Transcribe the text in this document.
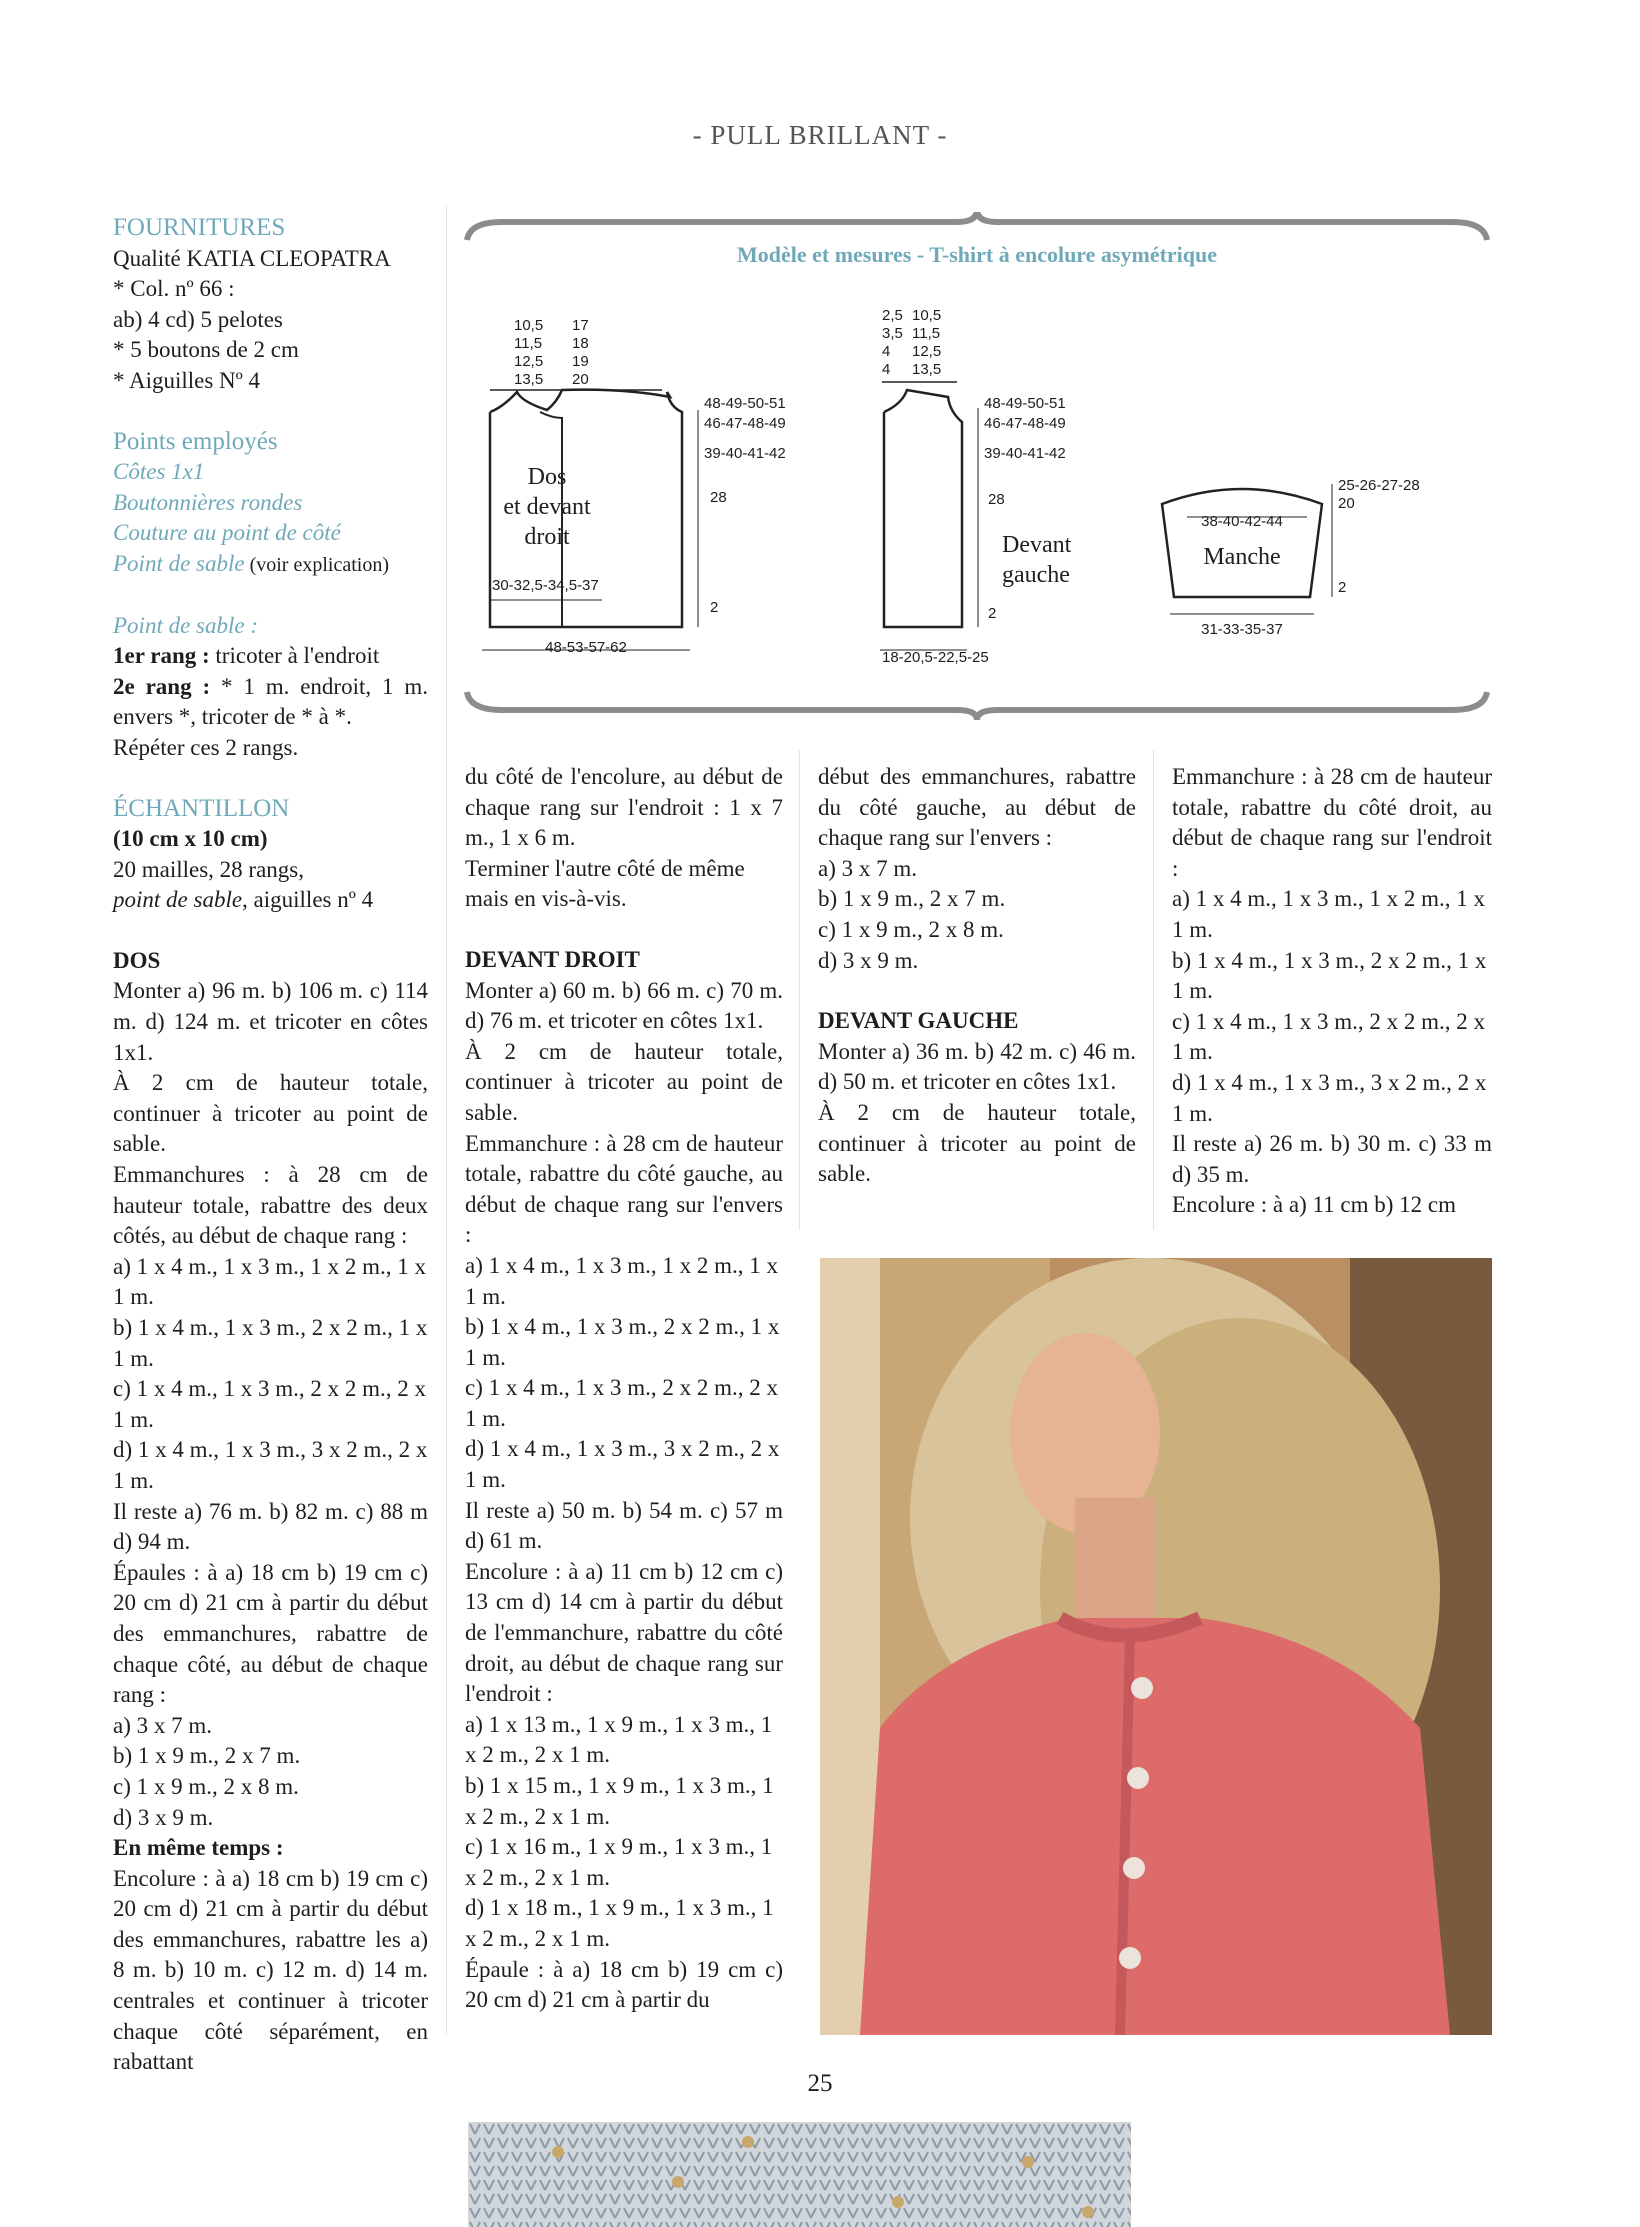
- PULL BRILLANT -

FOURNITURES

Qualité KATIA CLEOPATRA

* Col. nº 66 :

ab) 4 cd) 5 pelotes

* 5 boutons de 2 cm

* Aiguilles Nº 4

Points employés

Côtes 1x1

Boutonnières rondes

Couture au point de côté

Point de sable (voir explication)

Point de sable :

1er rang : tricoter à l'endroit

2e rang : * 1 m. endroit, 1 m. envers *, tricoter de * à *.

Répéter ces 2 rangs.

ÉCHANTILLON

(10 cm x 10 cm)

20 mailles, 28 rangs,

point de sable, aiguilles nº 4

DOS

Monter a) 96 m. b) 106 m. c) 114 m. d) 124 m. et tricoter en côtes 1x1.

À 2 cm de hauteur totale, continuer à tricoter au point de sable.

Emmanchures : à 28 cm de hauteur totale, rabattre des deux côtés, au début de chaque rang :

a) 1 x 4 m., 1 x 3 m., 1 x 2 m., 1 x 1 m.

b) 1 x 4 m., 1 x 3 m., 2 x 2 m., 1 x 1 m.

c) 1 x 4 m., 1 x 3 m., 2 x 2 m., 2 x 1 m.

d) 1 x 4 m., 1 x 3 m., 3 x 2 m., 2 x 1 m.

Il reste a) 76 m. b) 82 m. c) 88 m d) 94 m.

Épaules : à a) 18 cm b) 19 cm c) 20 cm d) 21 cm à partir du début des emmanchures, rabattre de chaque côté, au début de chaque rang :

a) 3 x 7 m.

b) 1 x 9 m., 2 x 7 m.

c) 1 x 9 m., 2 x 8 m.

d) 3 x 9 m.

En même temps :

Encolure : à a) 18 cm b) 19 cm c) 20 cm d) 21 cm à partir du début des emmanchures, rabattre les a) 8 m. b) 10 m. c) 12 m. d) 14 m. centrales et continuer à tricoter chaque côté séparément, en rabattant

Modèle et mesures - T-shirt à encolure asymétrique
10,5
11,5
12,5
13,5
17
18
19
20
Dos
et devant
droit
30-32,5-34,5-37
48-49-50-51
46-47-48-49
39-40-41-42
28
2
48-53-57-62
2,5
3,5
4
4
10,5
11,5
12,5
13,5
48-49-50-51
46-47-48-49
39-40-41-42
28
2
Devant
gauche
18-20,5-22,5-25
38-40-42-44
Manche
25-26-27-28
20
2
31-33-35-37

du côté de l'encolure, au début de chaque rang sur l'endroit : 1 x 7 m., 1 x 6 m.

Terminer l'autre côté de même mais en vis-à-vis.

DEVANT DROIT

Monter a) 60 m. b) 66 m. c) 70 m. d) 76 m. et tricoter en côtes 1x1.

À 2 cm de hauteur totale, continuer à tricoter au point de sable.

Emmanchure : à 28 cm de hauteur totale, rabattre du côté gauche, au début de chaque rang sur l'envers :

a) 1 x 4 m., 1 x 3 m., 1 x 2 m., 1 x 1 m.

b) 1 x 4 m., 1 x 3 m., 2 x 2 m., 1 x 1 m.

c) 1 x 4 m., 1 x 3 m., 2 x 2 m., 2 x 1 m.

d) 1 x 4 m., 1 x 3 m., 3 x 2 m., 2 x 1 m.

Il reste a) 50 m. b) 54 m. c) 57 m d) 61 m.

Encolure : à a) 11 cm b) 12 cm c) 13 cm d) 14 cm à partir du début de l'emmanchure, rabattre du côté droit, au début de chaque rang sur l'endroit :

a) 1 x 13 m., 1 x 9 m., 1 x 3 m., 1 x 2 m., 2 x 1 m.

b) 1 x 15 m., 1 x 9 m., 1 x 3 m., 1 x 2 m., 2 x 1 m.

c) 1 x 16 m., 1 x 9 m., 1 x 3 m., 1 x 2 m., 2 x 1 m.

d) 1 x 18 m., 1 x 9 m., 1 x 3 m., 1 x 2 m., 2 x 1 m.

Épaule : à a) 18 cm b) 19 cm c) 20 cm d) 21 cm à partir du

début des emmanchures, rabattre du côté gauche, au début de chaque rang sur l'envers :

a) 3 x 7 m.

b) 1 x 9 m., 2 x 7 m.

c) 1 x 9 m., 2 x 8 m.

d) 3 x 9 m.

DEVANT GAUCHE

Monter a) 36 m. b) 42 m. c) 46 m. d) 50 m. et tricoter en côtes 1x1.

À 2 cm de hauteur totale, continuer à tricoter au point de sable.

Emmanchure : à 28 cm de hauteur totale, rabattre du côté droit, au début de chaque rang sur l'endroit :

a) 1 x 4 m., 1 x 3 m., 1 x 2 m., 1 x 1 m.

b) 1 x 4 m., 1 x 3 m., 2 x 2 m., 1 x 1 m.

c) 1 x 4 m., 1 x 3 m., 2 x 2 m., 2 x 1 m.

d) 1 x 4 m., 1 x 3 m., 3 x 2 m., 2 x 1 m.

Il reste a) 26 m. b) 30 m. c) 33 m d) 35 m.

Encolure : à a) 11 cm b) 12 cm

25
